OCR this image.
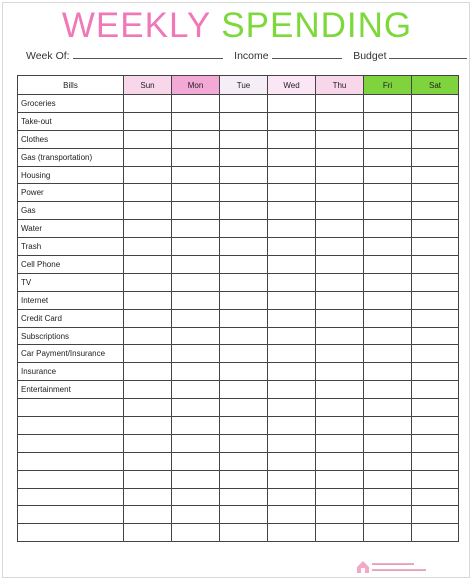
WEEKLY SPENDING
Week Of:	Income	Budget
Bills	Sun	Mon	Tue	Wed	Thu	Fri	Sat
Groceries							
Take-out							
Clothes							
Gas (transportation)							
Housing							
Power							
Gas							
Water							
Trash							
Cell Phone							
TV							
Internet							
Credit Card							
Subscriptions							
Car Payment/Insurance							
Insurance							
Entertainment							

▬▬▬▬▬▬▬
▬▬▬▬▬▬▬▬▬
